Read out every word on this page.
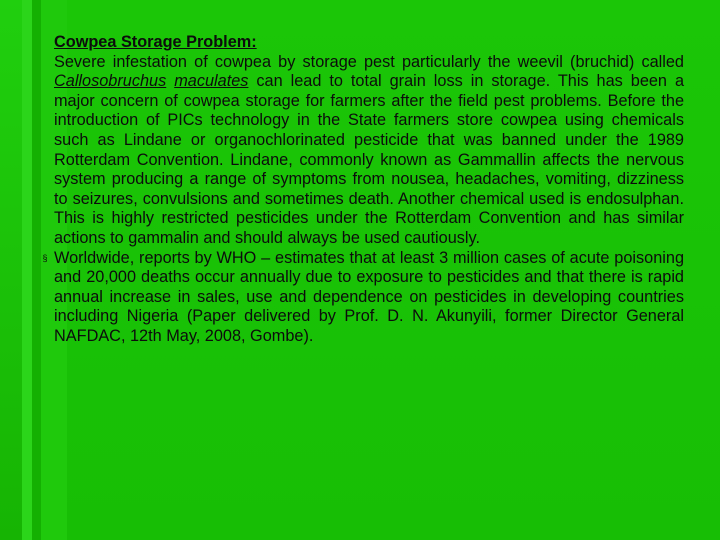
Cowpea Storage Problem:
Severe infestation of cowpea by storage pest particularly the weevil (bruchid) called Callosobruchus maculates can lead to total grain loss in storage. This has been a major concern of cowpea storage for farmers after the field pest problems. Before the introduction of PICs technology in the State farmers store cowpea using chemicals such as Lindane or organochlorinated pesticide that was banned under the 1989 Rotterdam Convention. Lindane, commonly known as Gammallin affects the nervous system producing a range of symptoms from nousea, headaches, vomiting, dizziness to seizures, convulsions and sometimes death. Another chemical used is endosulphan. This is highly restricted pesticides under the Rotterdam Convention and has similar actions to gammalin and should always be used cautiously.
§ Worldwide, reports by WHO – estimates that at least 3 million cases of acute poisoning and 20,000 deaths occur annually due to exposure to pesticides and that there is rapid annual increase in sales, use and dependence on pesticides in developing countries including Nigeria (Paper delivered by Prof. D. N. Akunyili, former Director General NAFDAC, 12th May, 2008, Gombe).
